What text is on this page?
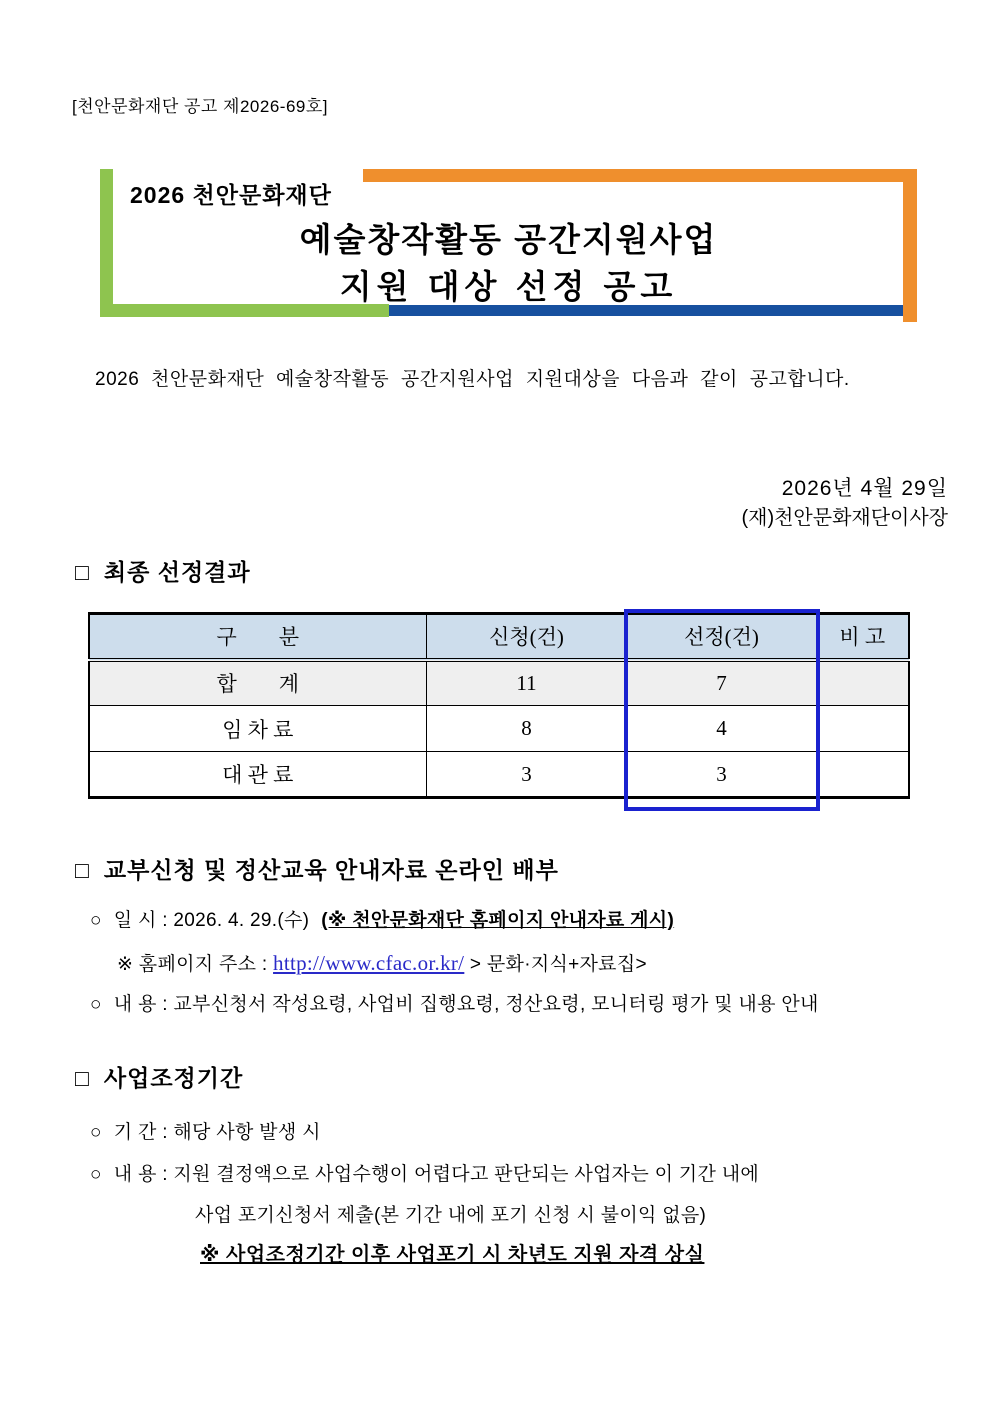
[천안문화재단 공고 제2026-69호]
2026 천안문화재단
예술창작활동 공간지원사업
지원 대상 선정 공고
2026 천안문화재단 예술창작활동 공간지원사업 지원대상을 다음과 같이 공고합니다.
2026년 4월 29일
(재)천안문화재단이사장
□ 최종 선정결과
구        분	신청(건)	선정(건)	비 고
합        계	11	7	
임 차 료	8	4	
대 관 료	3	3	
□ 교부신청 및 정산교육 안내자료 온라인 배부
○ 일 시 : 2026. 4. 29.(수) (※ 천안문화재단 홈페이지 안내자료 게시)
※ 홈페이지 주소 : http://www.cfac.or.kr/ > 문화·지식+자료집>
○ 내 용 : 교부신청서 작성요령, 사업비 집행요령, 정산요령, 모니터링 평가 및 내용 안내
□ 사업조정기간
○ 기 간 : 해당 사항 발생 시
○ 내 용 : 지원 결정액으로 사업수행이 어렵다고 판단되는 사업자는 이 기간 내에
사업 포기신청서 제출(본 기간 내에 포기 신청 시 불이익 없음)
※ 사업조정기간 이후 사업포기 시 차년도 지원 자격 상실
